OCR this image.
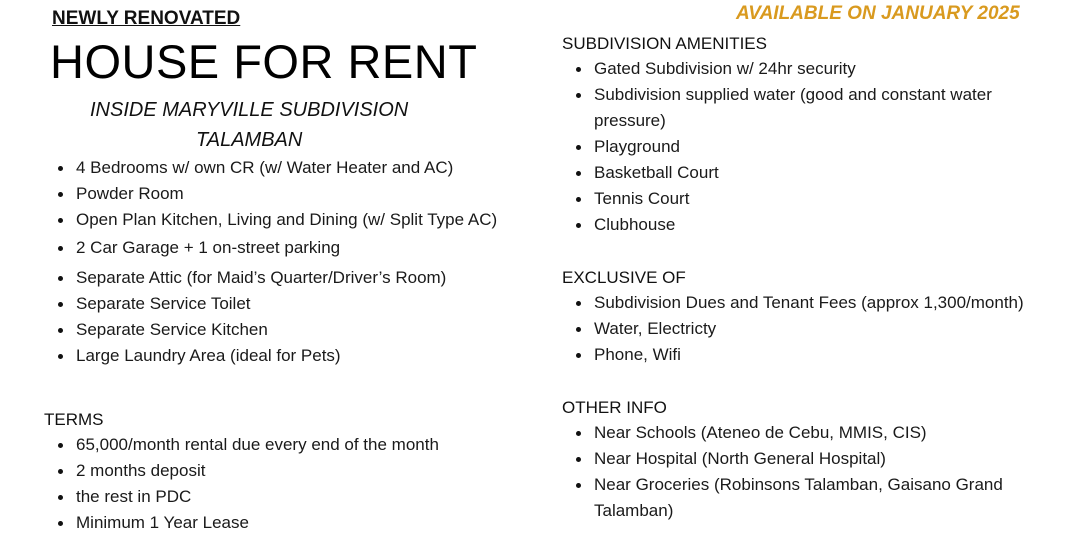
NEWLY RENOVATED
HOUSE FOR RENT
INSIDE MARYVILLE SUBDIVISION
TALAMBAN
AVAILABLE ON JANUARY 2025
4 Bedrooms w/ own CR (w/ Water Heater and AC)
Powder Room
Open Plan Kitchen, Living and Dining (w/ Split Type AC)
2 Car Garage + 1 on-street parking
Separate Attic (for Maid’s Quarter/Driver’s Room)
Separate Service Toilet
Separate Service Kitchen
Large Laundry Area (ideal for Pets)
TERMS
65,000/month rental due every end of the month
2 months deposit
the rest in PDC
Minimum 1 Year Lease
SUBDIVISION AMENITIES
Gated Subdivision w/ 24hr security
Subdivision supplied water (good and constant water pressure)
Playground
Basketball Court
Tennis Court
Clubhouse
EXCLUSIVE OF
Subdivision Dues and Tenant Fees (approx 1,300/month)
Water, Electricty
Phone, Wifi
OTHER INFO
Near Schools (Ateneo de Cebu, MMIS, CIS)
Near Hospital (North General Hospital)
Near Groceries (Robinsons Talamban, Gaisano Grand Talamban)
